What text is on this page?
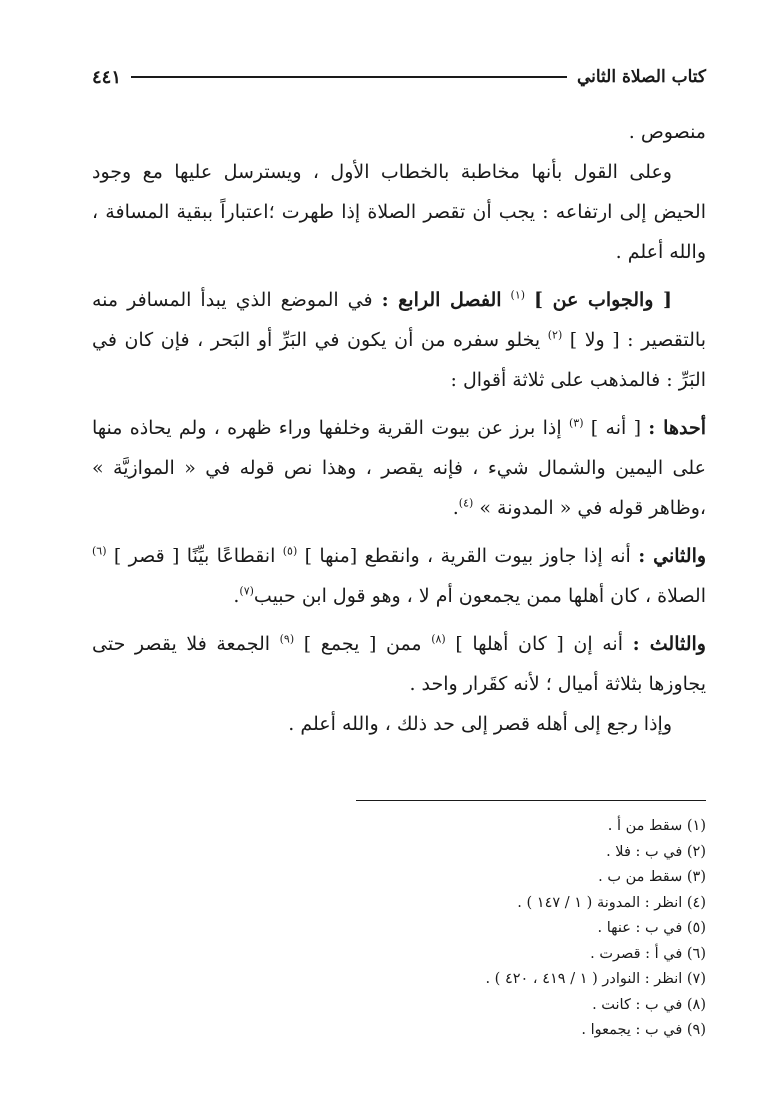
كتاب الصلاة الثاني
٤٤١

منصوص .

وعلى القول بأنها مخاطبة بالخطاب الأول ، ويسترسل عليها مع وجود الحيض إلى ارتفاعه : يجب أن تقصر الصلاة إذا طهرت ؛اعتباراً ببقية المسافة ، والله أعلم .

[ والجواب عن ] $^{(١)}$ الفصل الرابع : في الموضع الذي يبدأ المسافر منه بالتقصير : [ ولا ] $^{(٢)}$ يخلو سفره من أن يكون في البَرِّ أو البَحر ، فإن كان في البَرِّ : فالمذهب على ثلاثة أقوال :

أحدها : [ أنه ] $^{(٣)}$ إذا برز عن بيوت القرية وخلفها وراء ظهره ، ولم يحاذه منها على اليمين والشمال شيء ، فإنه يقصر ، وهذا نص قوله في « الموازيَّة » ،وظاهر قوله في « المدونة » $^{(٤)}$.

والثاني : أنه إذا جاوز بيوت القرية ، وانقطع [منها ] $^{(٥)}$ انقطاعًا بيِّنًا [ قصر ] $^{(٦)}$ الصلاة ، كان أهلها ممن يجمعون أم لا ، وهو قول ابن حبيب$^{(٧)}$.

والثالث : أنه إن [ كان أهلها ] $^{(٨)}$ ممن [ يجمع ] $^{(٩)}$ الجمعة فلا يقصر حتى يجاوزها بثلاثة أميال ؛ لأنه كقَرار واحد .

وإذا رجع إلى أهله قصر إلى حد ذلك ، والله أعلم .

(١) سقط من أ .
(٢) في ب : فلا .
(٣) سقط من ب .
(٤) انظر : المدونة ( ١ / ١٤٧ ) .
(٥) في ب : عنها .
(٦) في أ : قصرت .
(٧) انظر : النوادر ( ١ / ٤١٩ ، ٤٢٠ ) .
(٨) في ب : كانت .
(٩) في ب : يجمعوا .
